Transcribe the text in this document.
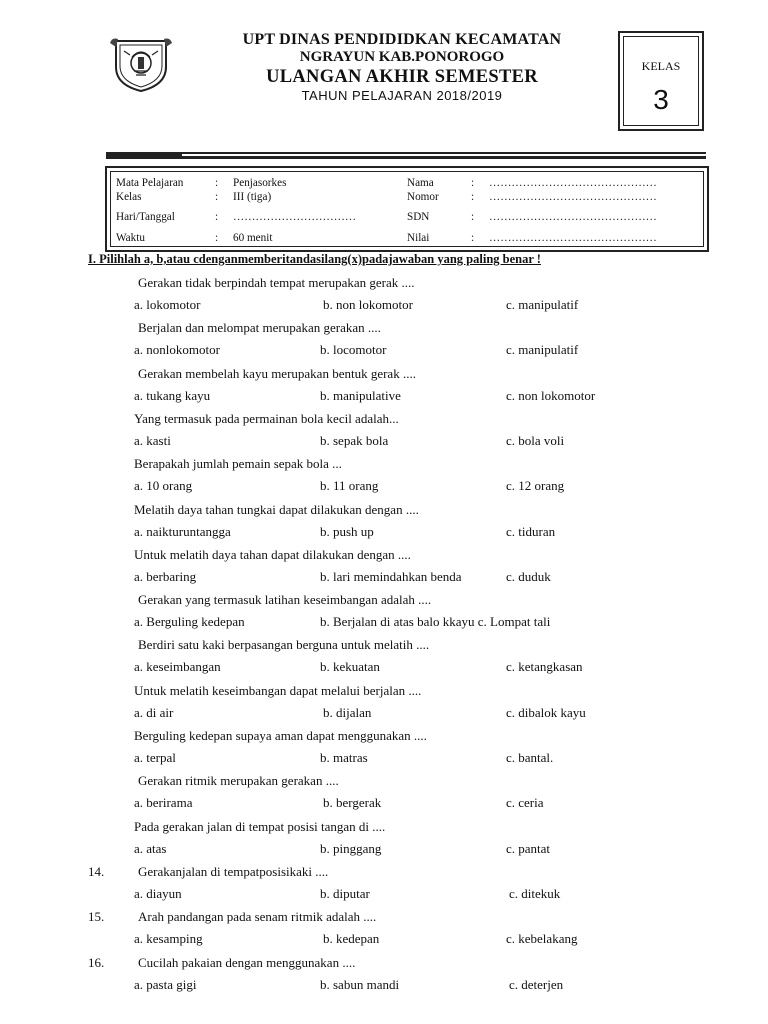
UPT DINAS PENDIDIDKAN KECAMATAN
NGRAYUN KAB.PONOROGO
ULANGAN AKHIR SEMESTER
TAHUN PELAJARAN 2018/2019
KELAS
3
Mata Pelajaran	: Penjasorkes	Nama	: ………………………………………
Kelas	: III (tiga)	Nomor	: ………………………………………
Hari/Tanggal	: ……………………………	SDN	: ………………………………………
Waktu	: 60 menit	Nilai	: ………………………………………
I. Pilihlah a, b,atau cdenganmemberitandasilang(x)padajawaban yang paling benar !
Gerakan tidak berpindah tempat merupakan gerak ....
a. lokomotor	b. non lokomotor	c. manipulatif
Berjalan dan melompat merupakan gerakan ....
a. nonlokomotor	b. locomotor	c. manipulatif
Gerakan membelah kayu merupakan bentuk gerak ....
a. tukang kayu	b. manipulative	c. non lokomotor
Yang termasuk pada permainan bola kecil adalah...
a. kasti	b. sepak bola	c. bola voli
Berapakah jumlah pemain sepak bola ...
a. 10 orang	b. 11 orang	c. 12 orang
Melatih daya tahan tungkai dapat dilakukan dengan ....
a. naikturuntangga	b. push up	c. tiduran
Untuk melatih daya tahan dapat dilakukan dengan ....
a. berbaring	b. lari memindahkan benda	c. duduk
Gerakan yang termasuk latihan keseimbangan adalah ....
a. Berguling kedepan	b. Berjalan di atas balo kkayu c. Lompat tali
Berdiri satu kaki berpasangan berguna untuk melatih ....
a. keseimbangan	b. kekuatan	c. ketangkasan
Untuk melatih keseimbangan dapat melalui berjalan ....
a. di air	b. dijalan	c. dibalok kayu
Berguling kedepan supaya aman dapat menggunakan ....
a. terpal	b. matras	c. bantal.
Gerakan ritmik merupakan gerakan ....
a. berirama	b. bergerak	c. ceria
Pada gerakan jalan di tempat posisi tangan di ....
a. atas	b. pinggang	c. pantat
14.	Gerakanjalan di tempatposisikaki ....
a. diayun	b. diputar	c. ditekuk
15.	Arah pandangan pada senam ritmik adalah ....
a. kesamping	b. kedepan	c. kebelakang
16.	Cucilah pakaian dengan menggunakan ....
a. pasta gigi	b. sabun mandi	c. deterjen
